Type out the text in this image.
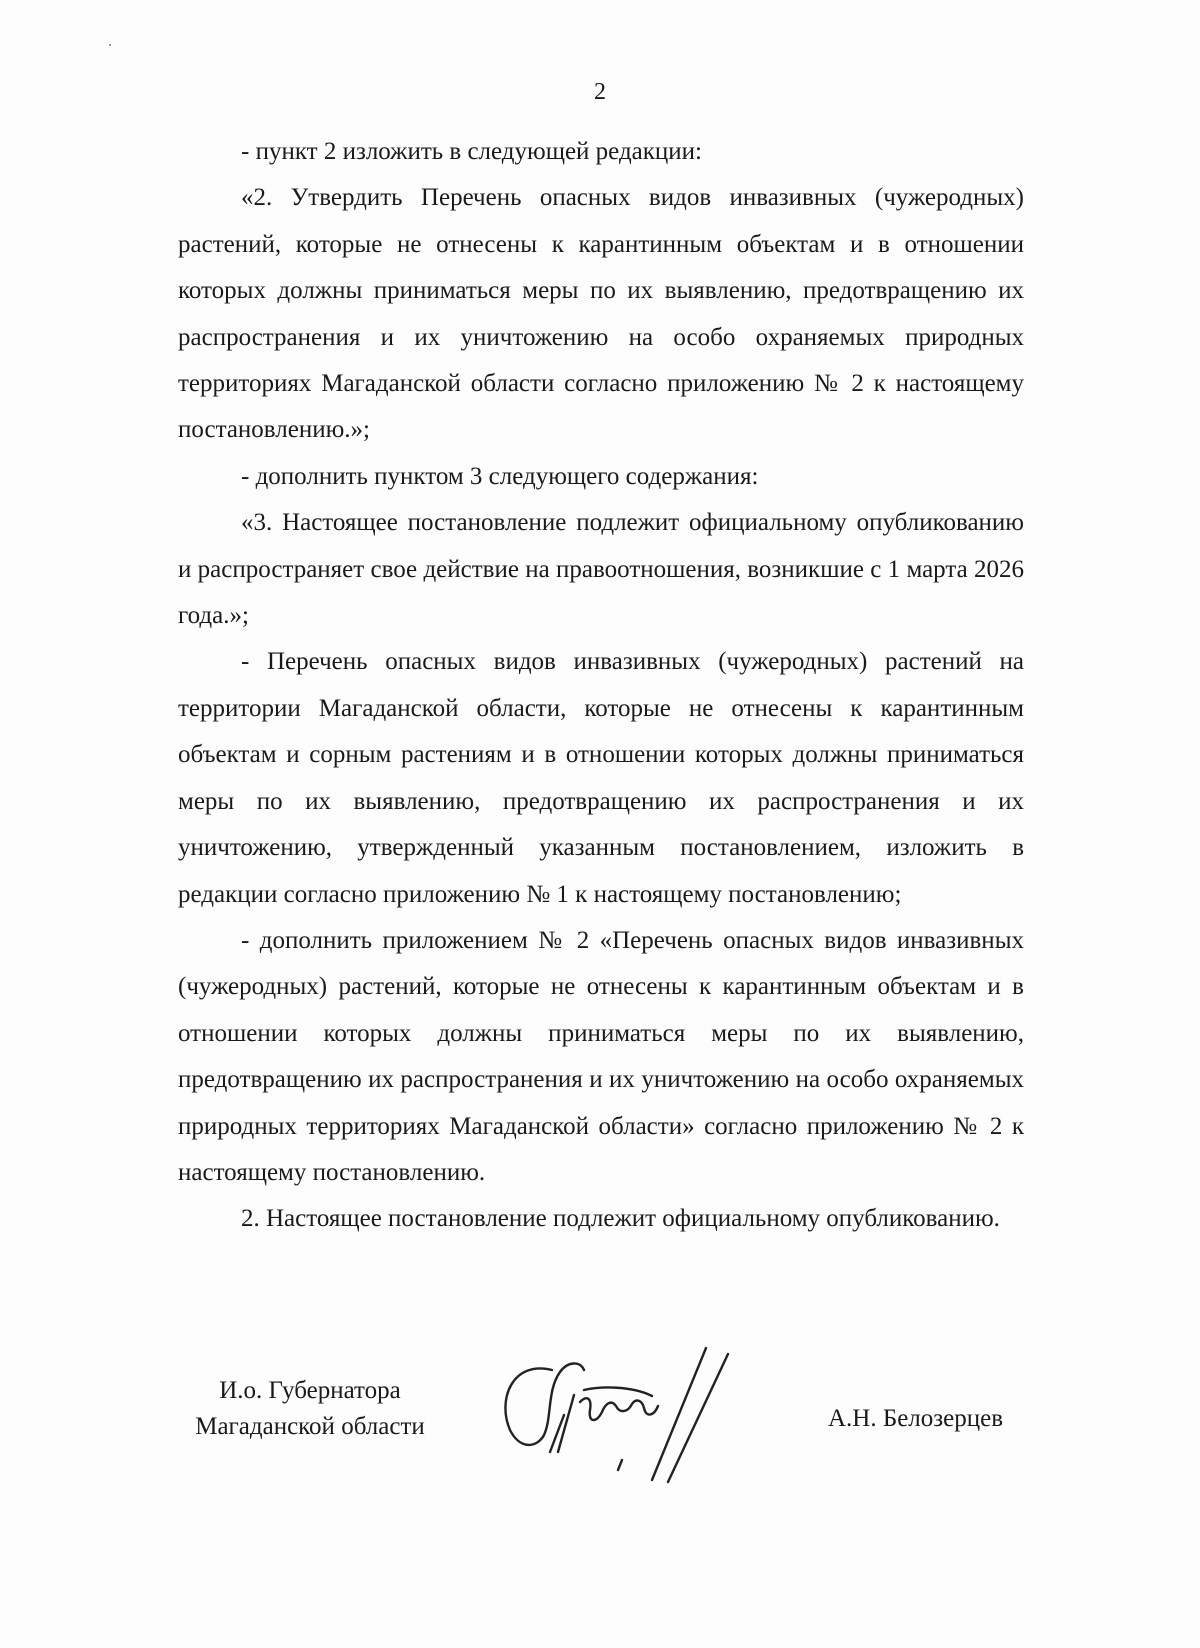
2

- пункт 2 изложить в следующей редакции:

«2. Утвердить Перечень опасных видов инвазивных (чужеродных) растений, которые не отнесены к карантинным объектам и в отношении которых должны приниматься меры по их выявлению, предотвращению их распространения и их уничтожению на особо охраняемых природных территориях Магаданской области согласно приложению № 2 к настоящему постановлению.»;

- дополнить пунктом 3 следующего содержания:

«3. Настоящее постановление подлежит официальному опубликованию и распространяет свое действие на правоотношения, возникшие с 1 марта 2026 года.»;

- Перечень опасных видов инвазивных (чужеродных) растений на территории Магаданской области, которые не отнесены к карантинным объектам и сорным растениям и в отношении которых должны приниматься меры по их выявлению, предотвращению их распространения и их уничтожению, утвержденный указанным постановлением, изложить в редакции согласно приложению № 1 к настоящему постановлению;

- дополнить приложением № 2 «Перечень опасных видов инвазивных (чужеродных) растений, которые не отнесены к карантинным объектам и в отношении которых должны приниматься меры по их выявлению, предотвращению их распространения и их уничтожению на особо охраняемых природных территориях Магаданской области» согласно приложению № 2 к настоящему постановлению.

2. Настоящее постановление подлежит официальному опубликованию.

И.о. Губернатора
Магаданской области	А.Н. Белозерцев
